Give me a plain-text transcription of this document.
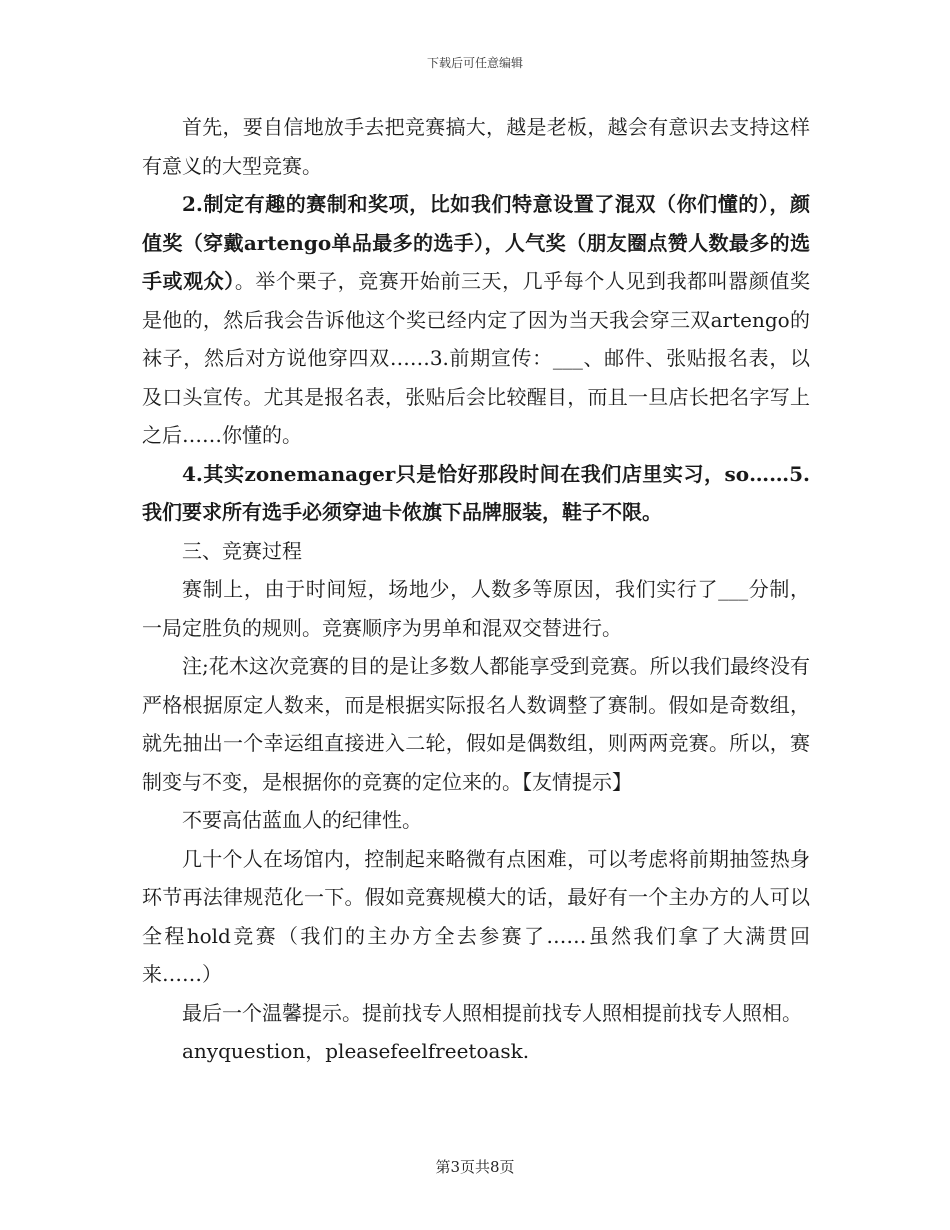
下载后可任意编辑

首先，要自信地放手去把竞赛搞大，越是老板，越会有意识去支持这样有意义的大型竞赛。

2.制定有趣的赛制和奖项，比如我们特意设置了混双（你们懂的），颜值奖（穿戴artengo单品最多的选手），人气奖（朋友圈点赞人数最多的选手或观众）。举个栗子，竞赛开始前三天，几乎每个人见到我都叫嚣颜值奖是他的，然后我会告诉他这个奖已经内定了因为当天我会穿三双artengo的袜子，然后对方说他穿四双……3.前期宣传：___、邮件、张贴报名表，以及口头宣传。尤其是报名表，张贴后会比较醒目，而且一旦店长把名字写上之后……你懂的。

4.其实zonemanager只是恰好那段时间在我们店里实习，so……5.我们要求所有选手必须穿迪卡侬旗下品牌服装，鞋子不限。

三、竞赛过程

赛制上，由于时间短，场地少，人数多等原因，我们实行了___分制，一局定胜负的规则。竞赛顺序为男单和混双交替进行。

注;花木这次竞赛的目的是让多数人都能享受到竞赛。所以我们最终没有严格根据原定人数来，而是根据实际报名人数调整了赛制。假如是奇数组，就先抽出一个幸运组直接进入二轮，假如是偶数组，则两两竞赛。所以，赛制变与不变，是根据你的竞赛的定位来的。【友情提示】

不要高估蓝血人的纪律性。

几十个人在场馆内，控制起来略微有点困难，可以考虑将前期抽签热身环节再法律规范化一下。假如竞赛规模大的话，最好有一个主办方的人可以全程hold竞赛（我们的主办方全去参赛了……虽然我们拿了大满贯回来……）

最后一个温馨提示。提前找专人照相提前找专人照相提前找专人照相。

anyquestion，pleasefeelfreetoask.

第3页共8页
